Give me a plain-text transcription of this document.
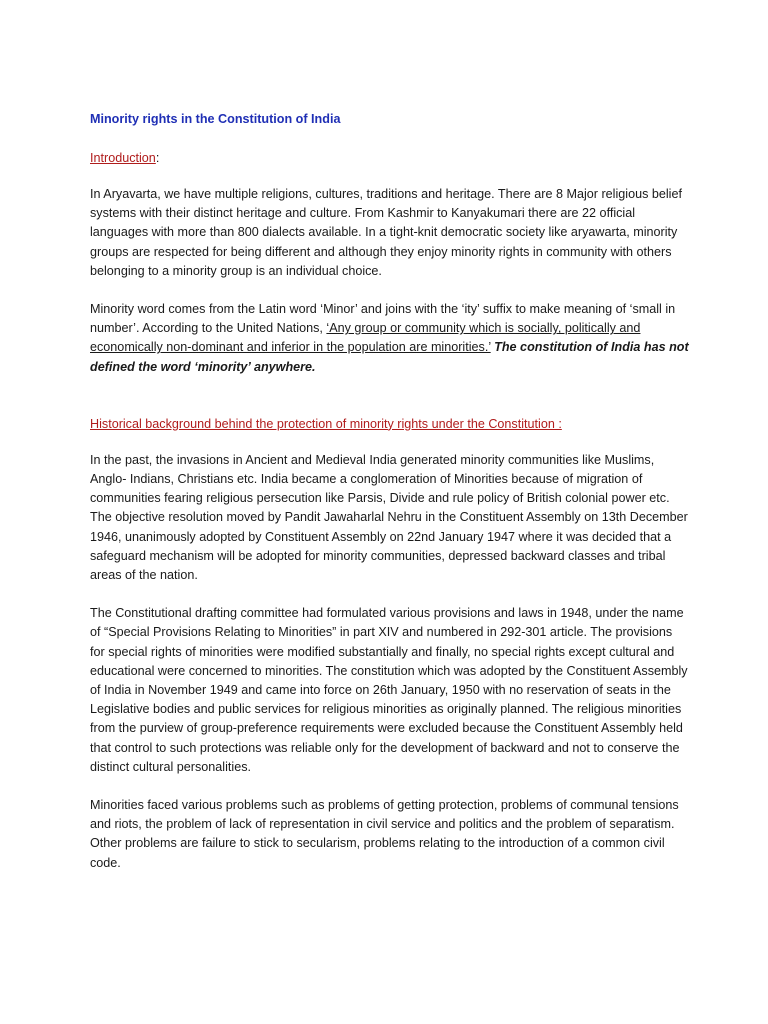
Minority rights in the Constitution of India
Introduction:

In Aryavarta, we have multiple religions, cultures, traditions and heritage. There are 8 Major religious belief systems with their distinct heritage and culture. From Kashmir to Kanyakumari there are 22 official languages with more than 800 dialects available. In a tight-knit democratic society like aryawarta, minority groups are respected for being different and although they enjoy minority rights in community with others belonging to a minority group is an individual choice.

Minority word comes from the Latin word ‘Minor’ and joins with the ‘ity’ suffix to make meaning of ‘small in number’. According to the United Nations, ‘Any group or community which is socially, politically and economically non-dominant and inferior in the population are minorities.’ The constitution of India has not defined the word ‘minority’ anywhere.

Historical background behind the protection of minority rights under the Constitution :

In the past, the invasions in Ancient and Medieval India generated minority communities like Muslims, Anglo- Indians, Christians etc. India became a conglomeration of Minorities because of migration of communities fearing religious persecution like Parsis, Divide and rule policy of British colonial power etc. The objective resolution moved by Pandit Jawaharlal Nehru in the Constituent Assembly on 13th December 1946, unanimously adopted by Constituent Assembly on 22nd January 1947 where it was decided that a safeguard mechanism will be adopted for minority communities, depressed backward classes and tribal areas of the nation.

The Constitutional drafting committee had formulated various provisions and laws in 1948, under the name of “Special Provisions Relating to Minorities” in part XIV and numbered in 292-301 article. The provisions for special rights of minorities were modified substantially and finally, no special rights except cultural and educational were concerned to minorities. The constitution which was adopted by the Constituent Assembly of India in November 1949 and came into force on 26th January, 1950 with no reservation of seats in the Legislative bodies and public services for religious minorities as originally planned. The religious minorities from the purview of group-preference requirements were excluded because the Constituent Assembly held that control to such protections was reliable only for the development of backward and not to conserve the distinct cultural personalities.

Minorities faced various problems such as problems of getting protection, problems of communal tensions and riots, the problem of lack of representation in civil service and politics and the problem of separatism. Other problems are failure to stick to secularism, problems relating to the introduction of a common civil code.
